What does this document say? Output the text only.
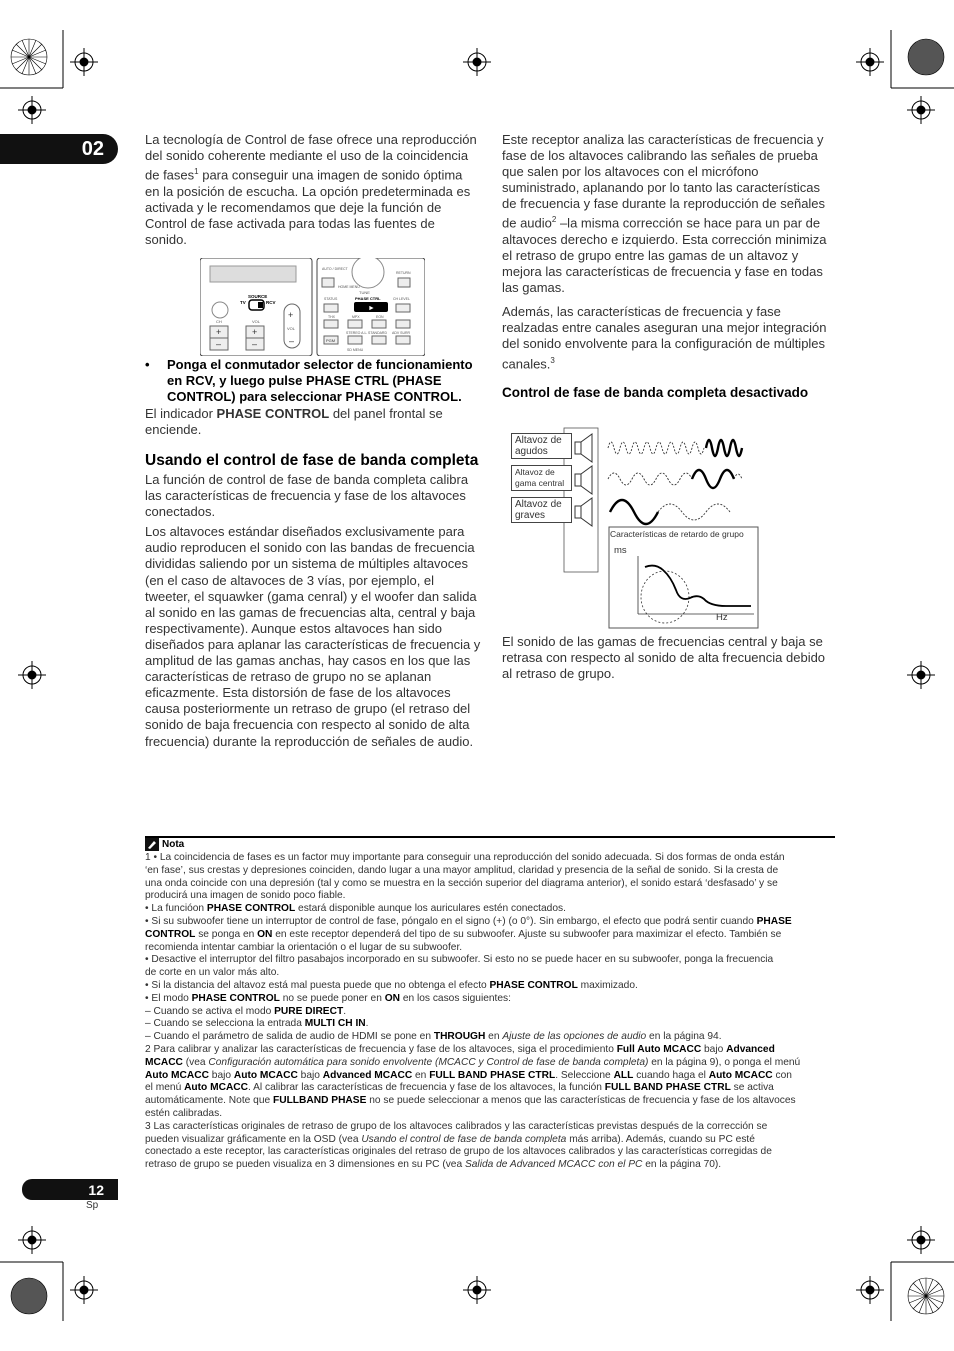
02	La tecnología de Control de fase ofrece una reproducción del sonido coherente mediante el uso de la coincidencia de fases$^1$ para conseguir una imagen de sonido óptima en la posición de escucha. La opción predeterminada es activada y le recomendamos que deje la función de Control de fase activada para todas las fuentes de sonido.

SOURCE
TV	RCV
CH	VOL
+
–
+
–
+
–
VOL
TUNE
AUTO / DIRECT
HOME MENU
RETURN
STATUS	PHASE CTRL	CH LEVEL
►
THX	MPX	EON
STEREO A.L. STANDARD ADV SURR
PGM
SD MENU
•	Ponga el conmutador selector de funcionamiento en RCV, y luego pulse PHASE CTRL (PHASE CONTROL) para seleccionar PHASE CONTROL.

El indicador PHASE CONTROL del panel frontal se enciende.

Usando el control de fase de banda completa

La función de control de fase de banda completa calibra las características de frecuencia y fase de los altavoces conectados.

Los altavoces estándar diseñados exclusivamente para audio reproducen el sonido con las bandas de frecuencia divididas saliendo por un sistema de múltiples altavoces (en el caso de altavoces de 3 vías, por ejemplo, el tweeter, el squawker (gama cenral) y el woofer dan salida al sonido en las gamas de frecuencias alta, central y baja respectivamente). Aunque estos altavoces han sido diseñados para aplanar las características de frecuencia y amplitud de las gamas anchas, hay casos en los que las características de retraso de grupo no se aplanan eficazmente. Esta distorsión de fase de los altavoces causa posteriormente un retraso de grupo (el retraso del sonido de baja frecuencia con respecto al sonido de alta frecuencia) durante la reproducción de señales de audio.

Este receptor analiza las características de frecuencia y fase de los altavoces calibrando las señales de prueba que salen por los altavoces con el micrófono suministrado, aplanando por lo tanto las características de frecuencia y fase durante la reproducción de señales de audio$^2$ –la misma corrección se hace para un par de altavoces derecho e izquierdo. Esta corrección minimiza el retraso de grupo entre las gamas de un altavoz y mejora las características de frecuencia y fase en todas las gamas.

Además, las características de frecuencia y fase realzadas entre canales aseguran una mejor integración del sonido envolvente para la configuración de múltiples canales.$^3$

Control de fase de banda completa desactivado
Características de retardo de grupo
ms
Hz
Altavoz de agudos
Altavoz de gama central
Altavoz de graves
El sonido de las gamas de frecuencias central y baja se retrasa con respecto al sonido de alta frecuencia debido al retraso de grupo.
Nota
1 • La coincidencia de fases es un factor muy importante para conseguir una reproducción del sonido adecuada. Si dos formas de onda están
‘en fase’, sus crestas y depresiones coinciden, dando lugar a una mayor amplitud, claridad y presencia de la señal de sonido. Si la cresta de
una onda coincide con una depresión (tal y como se muestra en la sección superior del diagrama anterior), el sonido estará ‘desfasado’ y se
producirá una imagen de sonido poco fiable.
• La funcióon PHASE CONTROL estará disponible aunque los auriculares estén conectados.
• Si su subwoofer tiene un interruptor de control de fase, póngalo en el signo (+) (o 0°). Sin embargo, el efecto que podrá sentir cuando PHASE
CONTROL se ponga en ON en este receptor dependerá del tipo de su subwoofer. Ajuste su subwoofer para maximizar el efecto. También se
recomienda intentar cambiar la orientación o el lugar de su subwoofer.
• Desactive el interruptor del filtro pasabajos incorporado en su subwoofer. Si esto no se puede hacer en su subwoofer, ponga la frecuencia
de corte en un valor más alto.
• Si la distancia del altavoz está mal puesta puede que no obtenga el efecto PHASE CONTROL maximizado.
• El modo PHASE CONTROL no se puede poner en ON en los casos siguientes:
– Cuando se activa el modo PURE DIRECT.
– Cuando se selecciona la entrada MULTI CH IN.
– Cuando el parámetro de salida de audio de HDMI se pone en THROUGH en Ajuste de las opciones de audio en la página 94.
2 Para calibrar y analizar las características de frecuencia y fase de los altavoces, siga el procedimiento Full Auto MCACC bajo Advanced
MCACC (vea Configuración automática para sonido envolvente (MCACC y Control de fase de banda completa) en la página 9), o ponga el menú
Auto MCACC bajo Auto MCACC bajo Advanced MCACC en FULL BAND PHASE CTRL. Seleccione ALL cuando haga el Auto MCACC con
el menú Auto MCACC. Al calibrar las características de frecuencia y fase de los altavoces, la función FULL BAND PHASE CTRL se activa
automáticamente. Note que FULLBAND PHASE no se puede seleccionar a menos que las características de frecuencia y fase de los altavoces
estén calibradas.
3 Las características originales de retraso de grupo de los altavoces calibrados y las características previstas después de la corrección se
pueden visualizar gráficamente en la OSD (vea Usando el control de fase de banda completa más arriba). Además, cuando su PC esté
conectado a este receptor, las características originales del retraso de grupo de los altavoces calibrados y las características corregidas de
retraso de grupo se pueden visualiza en 3 dimensiones en su PC (vea Salida de Advanced MCACC con el PC en la página 70).
12
Sp
